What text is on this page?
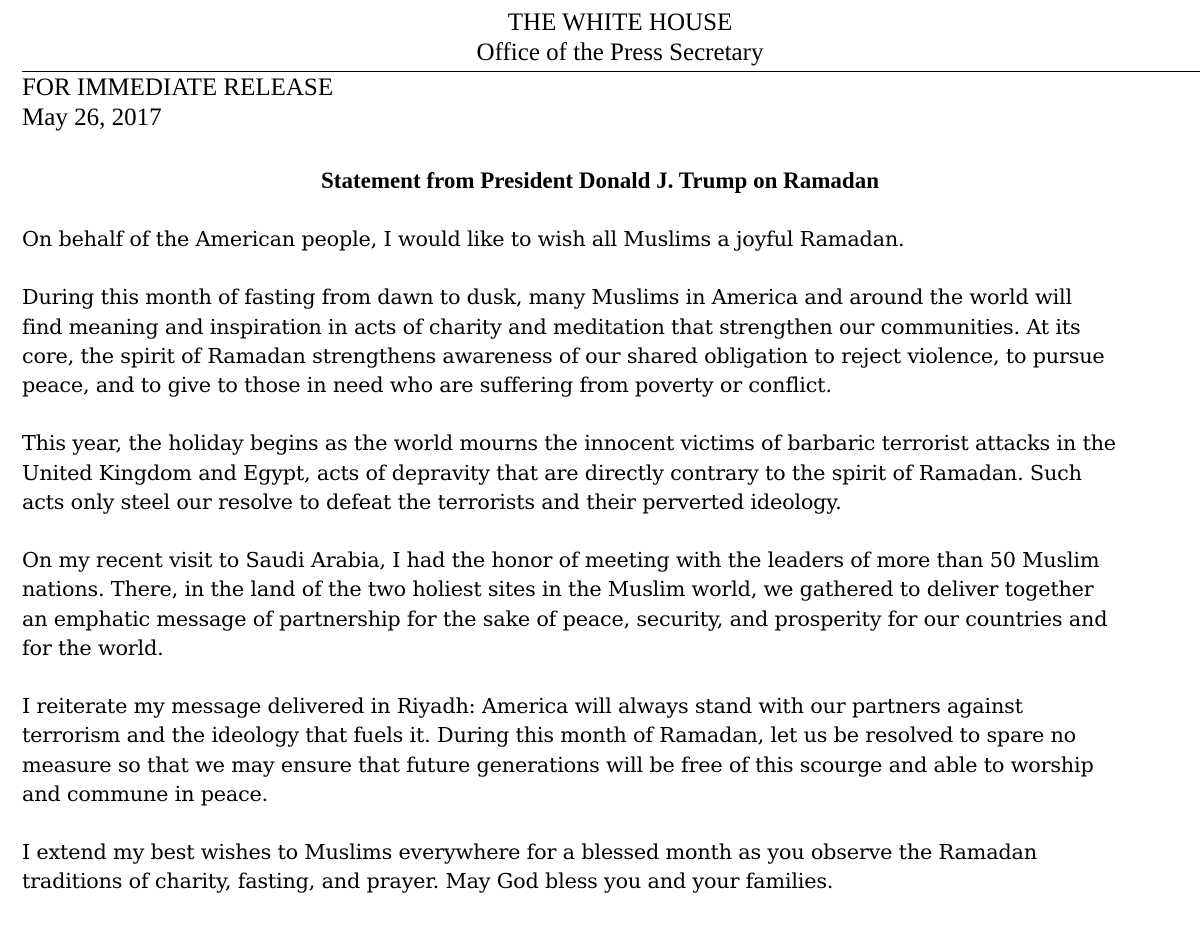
THE WHITE HOUSE
Office of the Press Secretary
FOR IMMEDIATE RELEASE
May 26, 2017
Statement from President Donald J. Trump on Ramadan

On behalf of the American people, I would like to wish all Muslims a joyful Ramadan.

During this month of fasting from dawn to dusk, many Muslims in America and around the world will
find meaning and inspiration in acts of charity and meditation that strengthen our communities. At its
core, the spirit of Ramadan strengthens awareness of our shared obligation to reject violence, to pursue
peace, and to give to those in need who are suffering from poverty or conflict.

This year, the holiday begins as the world mourns the innocent victims of barbaric terrorist attacks in the
United Kingdom and Egypt, acts of depravity that are directly contrary to the spirit of Ramadan. Such
acts only steel our resolve to defeat the terrorists and their perverted ideology.

On my recent visit to Saudi Arabia, I had the honor of meeting with the leaders of more than 50 Muslim
nations. There, in the land of the two holiest sites in the Muslim world, we gathered to deliver together
an emphatic message of partnership for the sake of peace, security, and prosperity for our countries and
for the world.

I reiterate my message delivered in Riyadh: America will always stand with our partners against
terrorism and the ideology that fuels it. During this month of Ramadan, let us be resolved to spare no
measure so that we may ensure that future generations will be free of this scourge and able to worship
and commune in peace.

I extend my best wishes to Muslims everywhere for a blessed month as you observe the Ramadan
traditions of charity, fasting, and prayer. May God bless you and your families.
